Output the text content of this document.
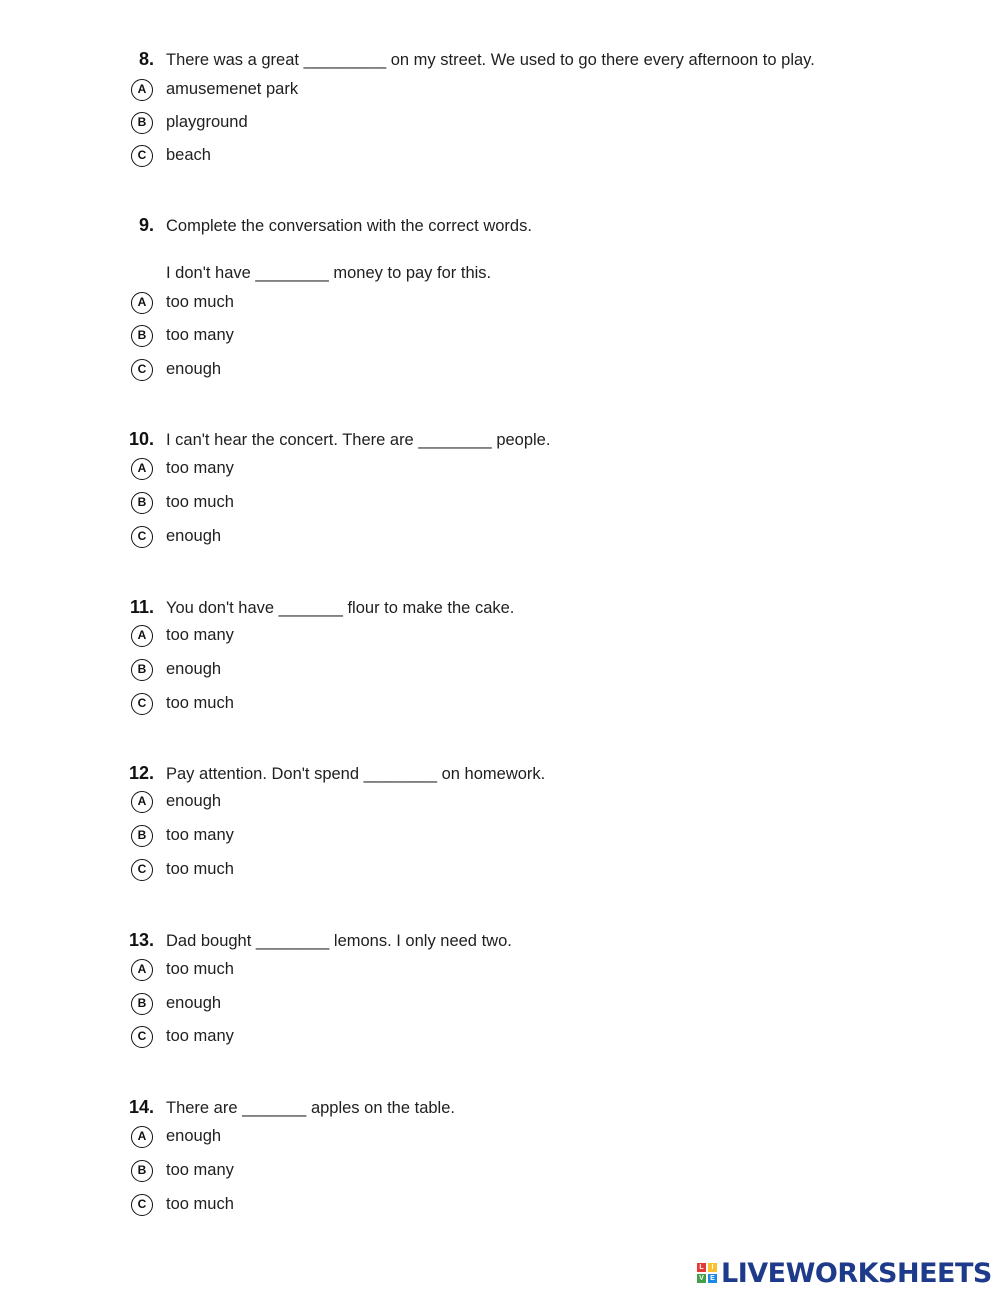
8. There was a great _________ on my street. We used to go there every afternoon to play.
A	amusemenet park
B	playground
C	beach
9. Complete the conversation with the correct words.
I don't have ________ money to pay for this.
A	too much
B	too many
C	enough
10. I can't hear the concert. There are ________ people.
A	too many
B	too much
C	enough
11. You don't have _______ flour to make the cake.
A	too many
B	enough
C	too much
12. Pay attention. Don't spend ________ on homework.
A	enough
B	too many
C	too much
13. Dad bought ________ lemons. I only need two.
A	too much
B	enough
C	too many
14. There are _______ apples on the table.
A	enough
B	too many
C	too much
L	I
V E LIVEWORKSHEETS
